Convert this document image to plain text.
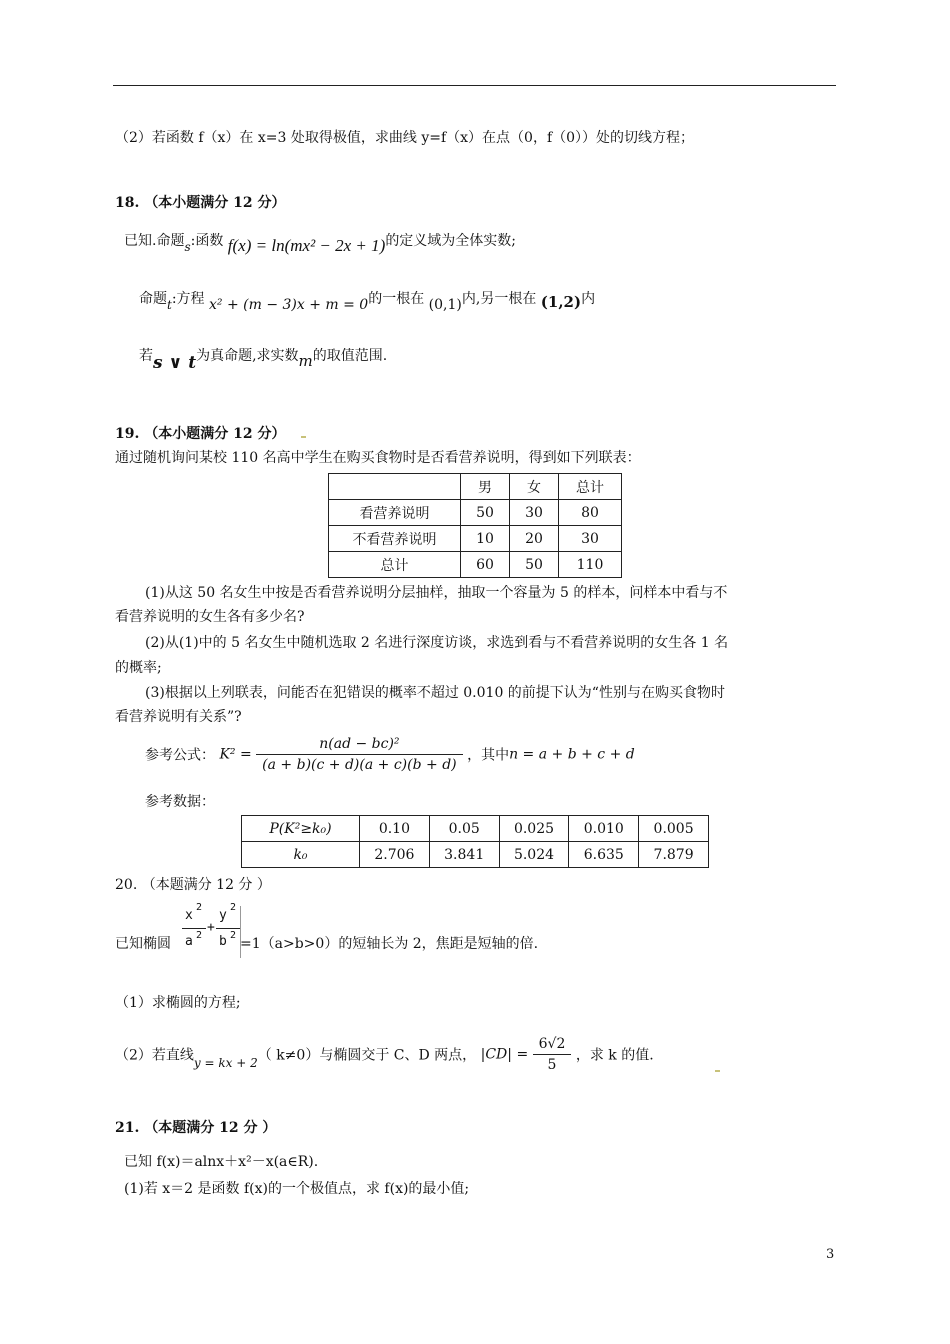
（2）若函数 f（x）在 x=3 处取得极值，求曲线 y=f（x）在点（0，f（0））处的切线方程；
18. （本小题满分 12 分）
已知.命题s:函数 f(x) = ln(mx² − 2x + 1)的定义域为全体实数;
命题t:方程 x² + (m − 3)x + m = 0的一根在 (0,1)内,另一根在 (1,2)内
若s ∨ t为真命题,求实数m的取值范围.
19. （本小题满分 12 分）
通过随机询问某校 110 名高中学生在购买食物时是否看营养说明，得到如下列联表：
	男	女	总计
看营养说明	50	30	80
不看营养说明	10	20	30
总计	60	50	110
(1)从这 50 名女生中按是否看营养说明分层抽样，抽取一个容量为 5 的样本，问样本中看与不
看营养说明的女生各有多少名?
(2)从(1)中的 5 名女生中随机选取 2 名进行深度访谈，求选到看与不看营养说明的女生各 1 名
的概率;
(3)根据以上列联表，问能否在犯错误的概率不超过 0.010 的前提下认为“性别与在购买食物时
看营养说明有关系”?
参考公式： $K^2 = \frac{\text{n(ad − bc)²}}{(a + b)(c + d)(a + c)(b + d)}$ ，其中n = a + b + c + d
参考数据：
P(K²≥k₀)	0.10	0.05	0.025	0.010	0.005
k₀	2.706	3.841	5.024	6.635	7.879
20. （本题满分 12 分 ）
已知椭圆
x
2
a 2
+
y
2
b 2
=1（a>b>0）的短轴长为 2，焦距是短轴的倍.
（1）求椭圆的方程;
（2）若直线y = kx + 2（ k≠0）与椭圆交于 C、D 两点， $|CD| = \frac{6√2}{5}$ ，求 k 的值.
21. （本题满分 12 分 ）
已知 f(x)＝alnx＋x²－x(a∈R).
(1)若 x＝2 是函数 f(x)的一个极值点，求 f(x)的最小值;
3
